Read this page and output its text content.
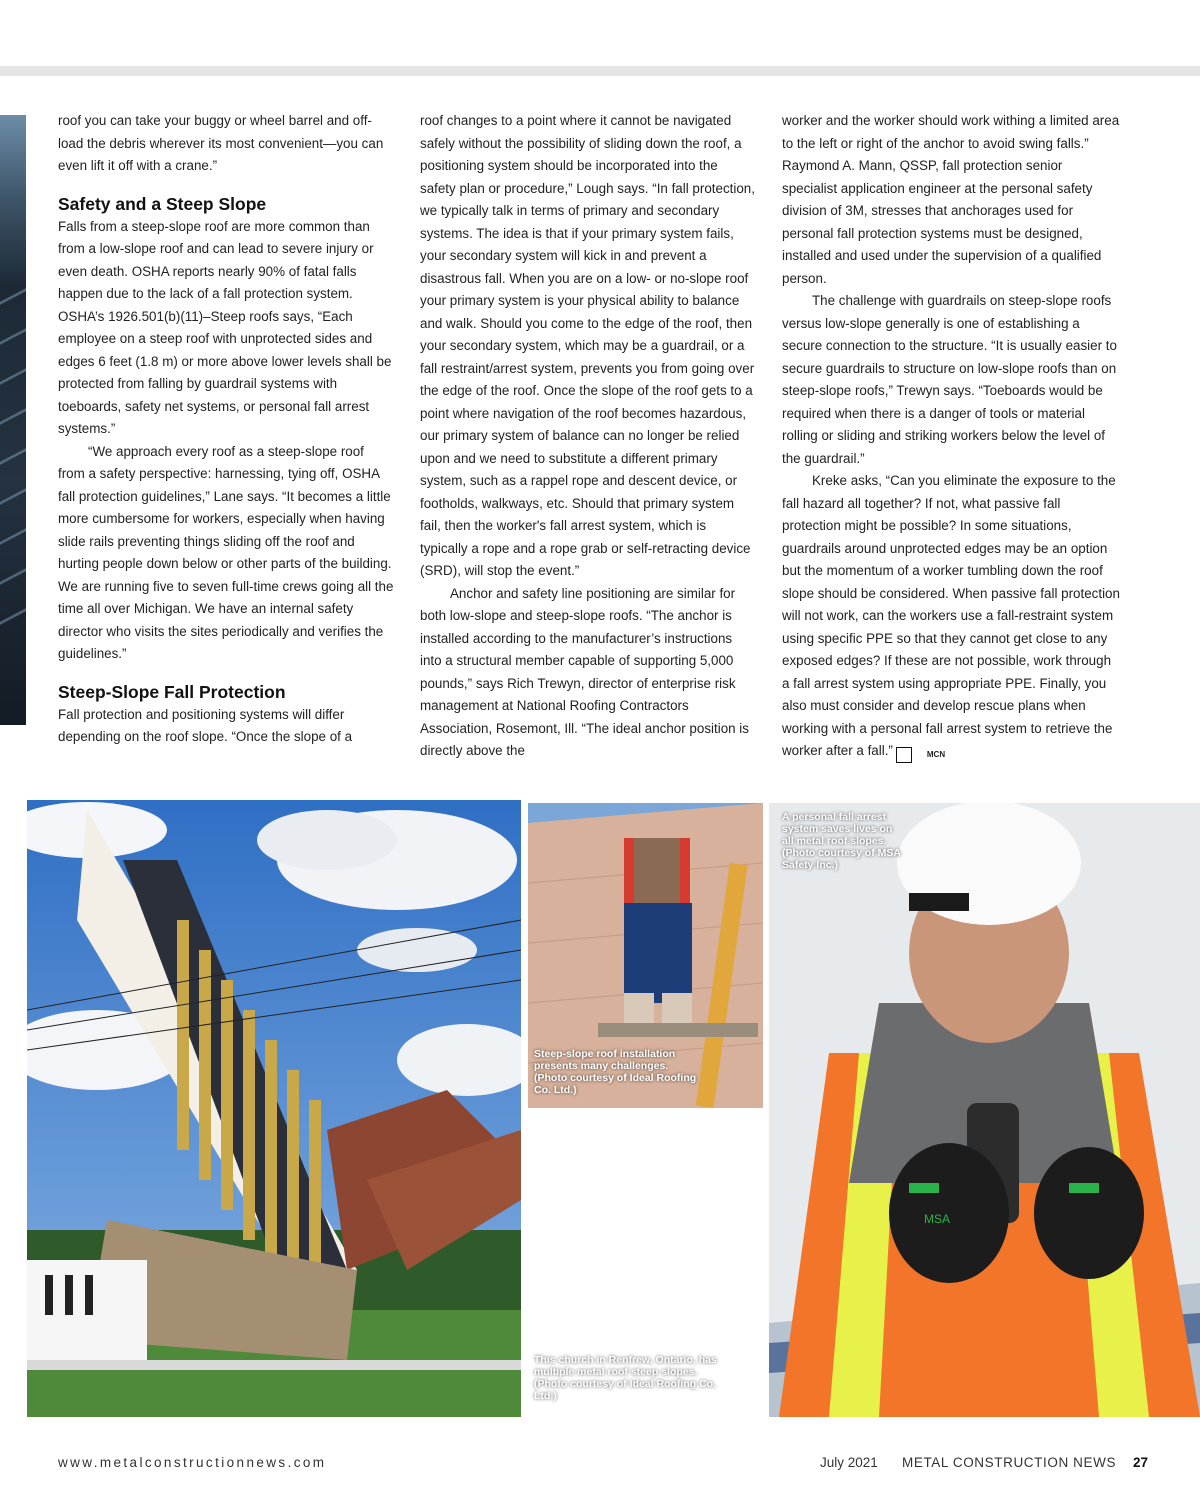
roof you can take your buggy or wheel barrel and off-load the debris wherever its most convenient—you can even lift it off with a crane.”

Safety and a Steep Slope

Falls from a steep-slope roof are more common than from a low-slope roof and can lead to severe injury or even death. OSHA reports nearly 90% of fatal falls happen due to the lack of a fall protection system. OSHA’s 1926.501(b)(11)–Steep roofs says, “Each employee on a steep roof with unprotected sides and edges 6 feet (1.8 m) or more above lower levels shall be protected from falling by guardrail systems with toeboards, safety net systems, or personal fall arrest systems.”

“We approach every roof as a steep-slope roof from a safety perspective: harnessing, tying off, OSHA fall protection guidelines,” Lane says. “It becomes a little more cumbersome for workers, especially when having slide rails preventing things sliding off the roof and hurting people down below or other parts of the building. We are running five to seven full-time crews going all the time all over Michigan. We have an internal safety director who visits the sites periodically and verifies the guidelines.”

Steep-Slope Fall Protection

Fall protection and positioning systems will differ depending on the roof slope. “Once the slope of a

roof changes to a point where it cannot be navigated safely without the possibility of sliding down the roof, a positioning system should be incorporated into the safety plan or procedure,” Lough says. “In fall protection, we typically talk in terms of primary and secondary systems. The idea is that if your primary system fails, your secondary system will kick in and prevent a disastrous fall. When you are on a low- or no-slope roof your primary system is your physical ability to balance and walk. Should you come to the edge of the roof, then your secondary system, which may be a guardrail, or a fall restraint/arrest system, prevents you from going over the edge of the roof. Once the slope of the roof gets to a point where navigation of the roof becomes hazardous, our primary system of balance can no longer be relied upon and we need to substitute a different primary system, such as a rappel rope and descent device, or footholds, walkways, etc. Should that primary system fail, then the worker's fall arrest system, which is typically a rope and a rope grab or self-retracting device (SRD), will stop the event.”

Anchor and safety line positioning are similar for both low-slope and steep-slope roofs. “The anchor is installed according to the manufacturer’s instructions into a structural member capable of supporting 5,000 pounds,” says Rich Trewyn, director of enterprise risk management at National Roofing Contractors Association, Rosemont, Ill. “The ideal anchor position is directly above the

worker and the worker should work withing a limited area to the left or right of the anchor to avoid swing falls.” Raymond A. Mann, QSSP, fall protection senior specialist application engineer at the personal safety division of 3M, stresses that anchorages used for personal fall protection systems must be designed, installed and used under the supervision of a qualified person.

The challenge with guardrails on steep-slope roofs versus low-slope generally is one of establishing a secure connection to the structure. “It is usually easier to secure guardrails to structure on low-slope roofs than on steep-slope roofs,” Trewyn says. “Toeboards would be required when there is a danger of tools or material rolling or sliding and striking workers below the level of the guardrail.”

Kreke asks, “Can you eliminate the exposure to the fall hazard all together? If not, what passive fall protection might be possible? In some situations, guardrails around unprotected edges may be an option but the momentum of a worker tumbling down the roof slope should be considered. When passive fall protection will not work, can the workers use a fall-restraint system using specific PPE so that they cannot get close to any exposed edges? If these are not possible, work through a fall arrest system using appropriate PPE. Finally, you also must consider and develop rescue plans when working with a personal fall arrest system to retrieve the worker after a fall.”	MCN

This church in Renfrew, Ontario, has multiple metal roof steep slopes. (Photo courtesy of Ideal Roofing Co. Ltd.)
Steep-slope roof installation presents many challenges. (Photo courtesy of Ideal Roofing Co. Ltd.)
MSA
A personal fall arrest system saves lives on all metal roof slopes. (Photo courtesy of MSA Safety Inc.)
www.metalconstructionnews.com	July 2021 METAL CONSTRUCTION NEWS 27
